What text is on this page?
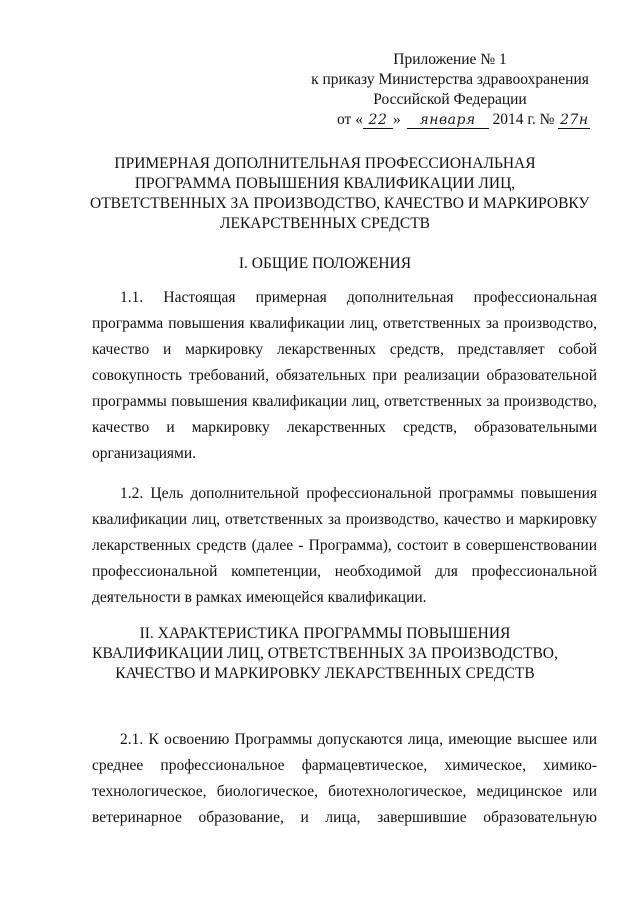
Приложение № 1
к приказу Министерства здравоохранения
Российской Федерации
от « 22 » января 2014 г. № 27н
ПРИМЕРНАЯ ДОПОЛНИТЕЛЬНАЯ ПРОФЕССИОНАЛЬНАЯ
ПРОГРАММА ПОВЫШЕНИЯ КВАЛИФИКАЦИИ ЛИЦ,
ОТВЕТСТВЕННЫХ ЗА ПРОИЗВОДСТВО, КАЧЕСТВО И МАРКИРОВКУ
ЛЕКАРСТВЕННЫХ СРЕДСТВ
I. ОБЩИЕ ПОЛОЖЕНИЯ
1.1. Настоящая примерная дополнительная профессиональная
программа повышения квалификации лиц, ответственных за производство,
качество и маркировку лекарственных средств, представляет собой
совокупность требований, обязательных при реализации образовательной
программы повышения квалификации лиц, ответственных за производство,
качество и маркировку лекарственных средств, образовательными
организациями.
1.2. Цель дополнительной профессиональной программы повышения
квалификации лиц, ответственных за производство, качество и маркировку
лекарственных средств (далее - Программа), состоит в совершенствовании
профессиональной компетенции, необходимой для профессиональной
деятельности в рамках имеющейся квалификации.
II. ХАРАКТЕРИСТИКА ПРОГРАММЫ ПОВЫШЕНИЯ
КВАЛИФИКАЦИИ ЛИЦ, ОТВЕТСТВЕННЫХ ЗА ПРОИЗВОДСТВО,
КАЧЕСТВО И МАРКИРОВКУ ЛЕКАРСТВЕННЫХ СРЕДСТВ
2.1. К освоению Программы допускаются лица, имеющие высшее или
среднее профессиональное фармацевтическое, химическое, химико-
технологическое, биологическое, биотехнологическое, медицинское или
ветеринарное образование, и лица, завершившие образовательную
